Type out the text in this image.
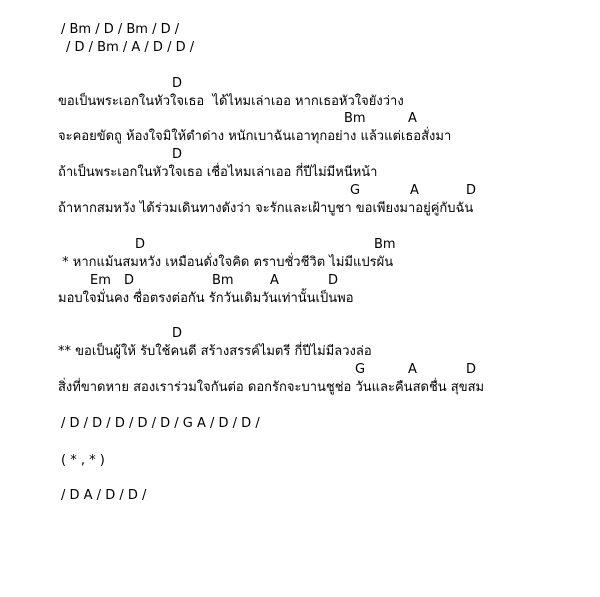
/ Bm / D / Bm / D /
/ D / Bm / A / D / D /
D
ขอเป็นพระเอกในหัวใจเธอ  ได้ไหมเล่าเออ หากเธอหัวใจยังว่าง
Bm	A
จะคอยขัดถู ห้องใจมิให้ดำด่าง หนักเบาฉันเอาทุกอย่าง แล้วแต่เธอสั่งมา
D
ถ้าเป็นพระเอกในหัวใจเธอ เชื่อไหมเล่าเออ กี่ปีไม่มีหนีหน้า
G	A	D
ถ้าหากสมหวัง ได้ร่วมเดินทางดังว่า จะรักและเฝ้าบูชา ขอเพียงมาอยู่คู่กับฉัน
D	Bm
* หากแม้นสมหวัง เหมือนดั่งใจคิด ตราบชั่วชีวิต ไม่มีแปรผัน
Em D	Bm	A	D
มอบใจมั่นคง ซื่อตรงต่อกัน รักวันเดิมวันเท่านั้นเป็นพอ
D
** ขอเป็นผู้ให้ รับใช้คนดี สร้างสรรค์ไมตรี กี่ปีไม่มีลวงล่อ
G	A	D
สิ่งที่ขาดหาย สองเราร่วมใจกันต่อ ดอกรักจะบานชูช่อ วันและคืนสดชื่น สุขสม
/ D / D / D / D / D / G A / D / D /
( * , * )
/ D A / D / D /
